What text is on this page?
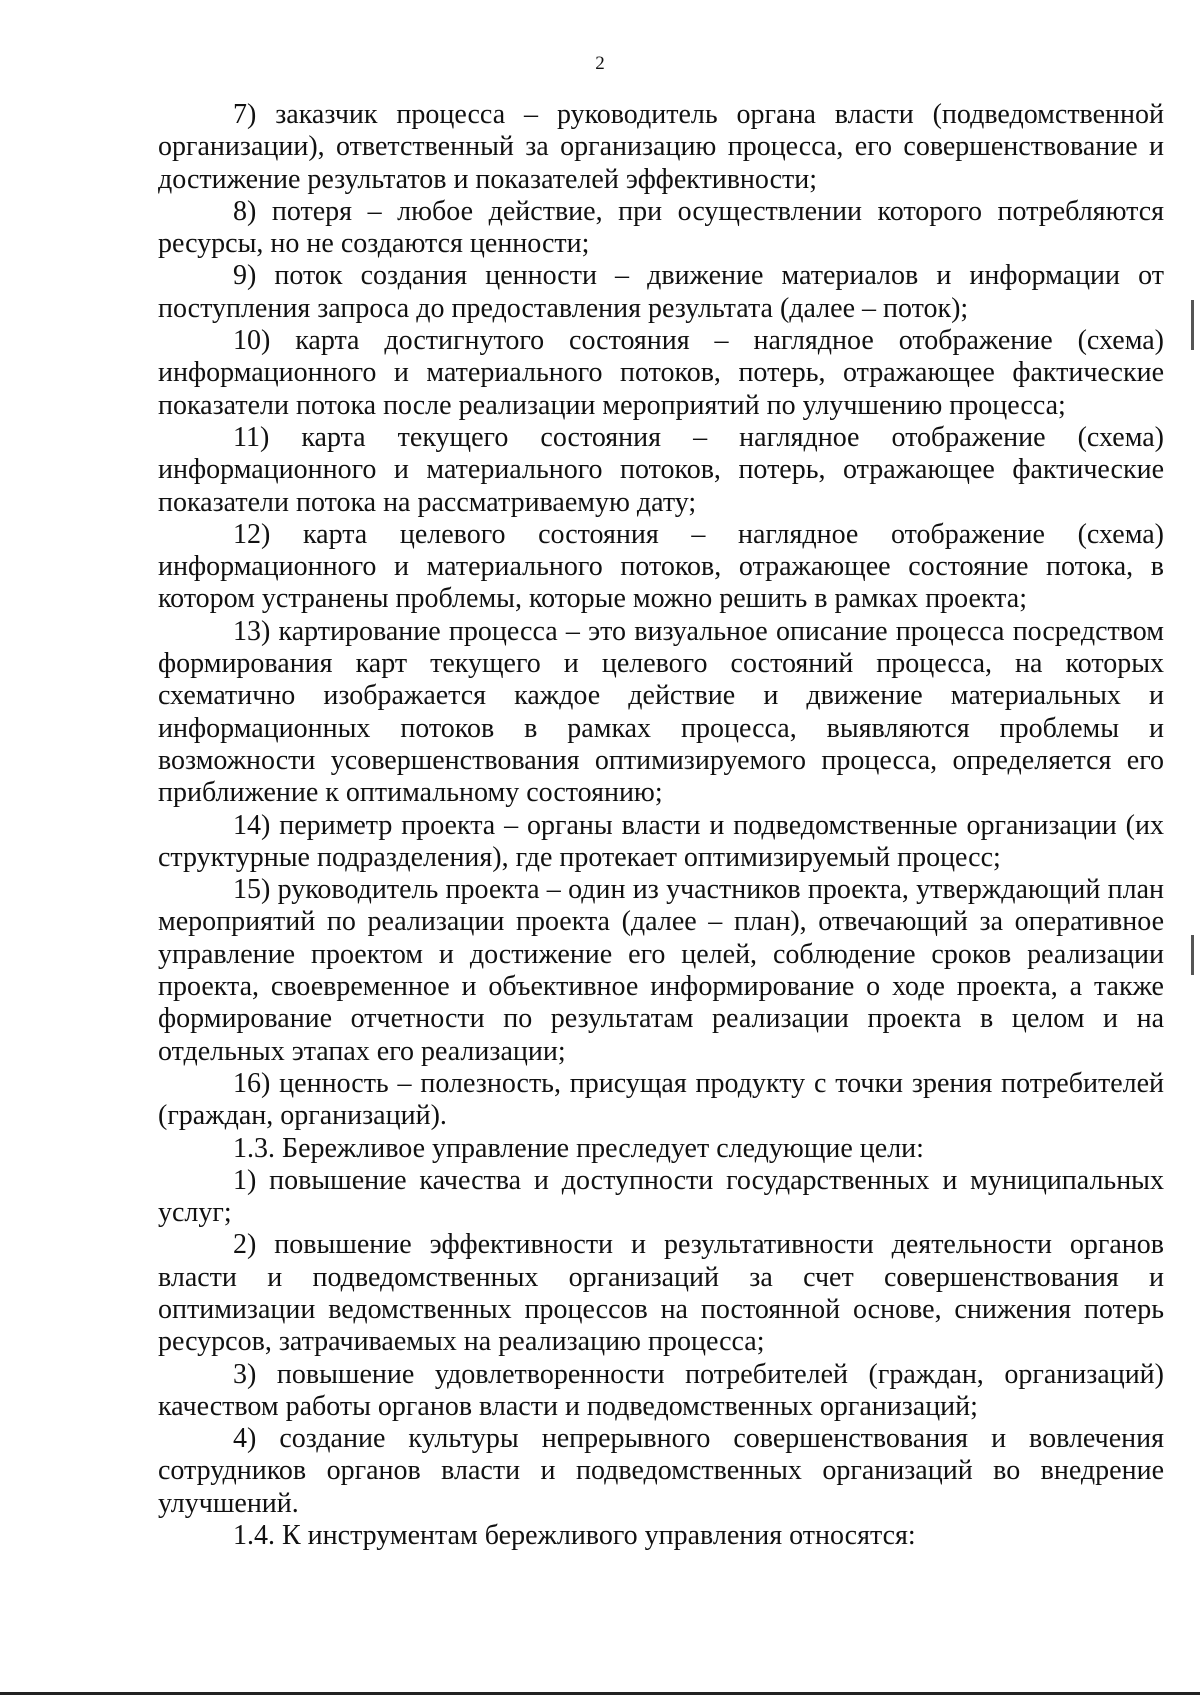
2

7) заказчик процесса – руководитель органа власти (подведомственной организации), ответственный за организацию процесса, его совершенствование и достижение результатов и показателей эффективности;

8) потеря – любое действие, при осуществлении которого потребляются ресурсы, но не создаются ценности;

9) поток создания ценности – движение материалов и информации от поступления запроса до предоставления результата (далее – поток);

10) карта достигнутого состояния – наглядное отображение (схема) информационного и материального потоков, потерь, отражающее фактические показатели потока после реализации мероприятий по улучшению процесса;

11) карта текущего состояния – наглядное отображение (схема) информационного и материального потоков, потерь, отражающее фактические показатели потока на рассматриваемую дату;

12) карта целевого состояния – наглядное отображение (схема) информационного и материального потоков, отражающее состояние потока, в котором устранены проблемы, которые можно решить в рамках проекта;

13) картирование процесса – это визуальное описание процесса посредством формирования карт текущего и целевого состояний процесса, на которых схематично изображается каждое действие и движение материальных и информационных потоков в рамках процесса, выявляются проблемы и возможности усовершенствования оптимизируемого процесса, определяется его приближение к оптимальному состоянию;

14) периметр проекта – органы власти и подведомственные организации (их структурные подразделения), где протекает оптимизируемый процесс;

15) руководитель проекта – один из участников проекта, утверждающий план мероприятий по реализации проекта (далее – план), отвечающий за оперативное управление проектом и достижение его целей, соблюдение сроков реализации проекта, своевременное и объективное информирование о ходе проекта, а также формирование отчетности по результатам реализации проекта в целом и на отдельных этапах его реализации;

16) ценность – полезность, присущая продукту с точки зрения потребителей (граждан, организаций).

1.3. Бережливое управление преследует следующие цели:

1) повышение качества и доступности государственных и муниципальных услуг;

2) повышение эффективности и результативности деятельности органов власти и подведомственных организаций за счет совершенствования и оптимизации ведомственных процессов на постоянной основе, снижения потерь ресурсов, затрачиваемых на реализацию процесса;

3) повышение удовлетворенности потребителей (граждан, организаций) качеством работы органов власти и подведомственных организаций;

4) создание культуры непрерывного совершенствования и вовлечения сотрудников органов власти и подведомственных организаций во внедрение улучшений.

1.4. К инструментам бережливого управления относятся:
